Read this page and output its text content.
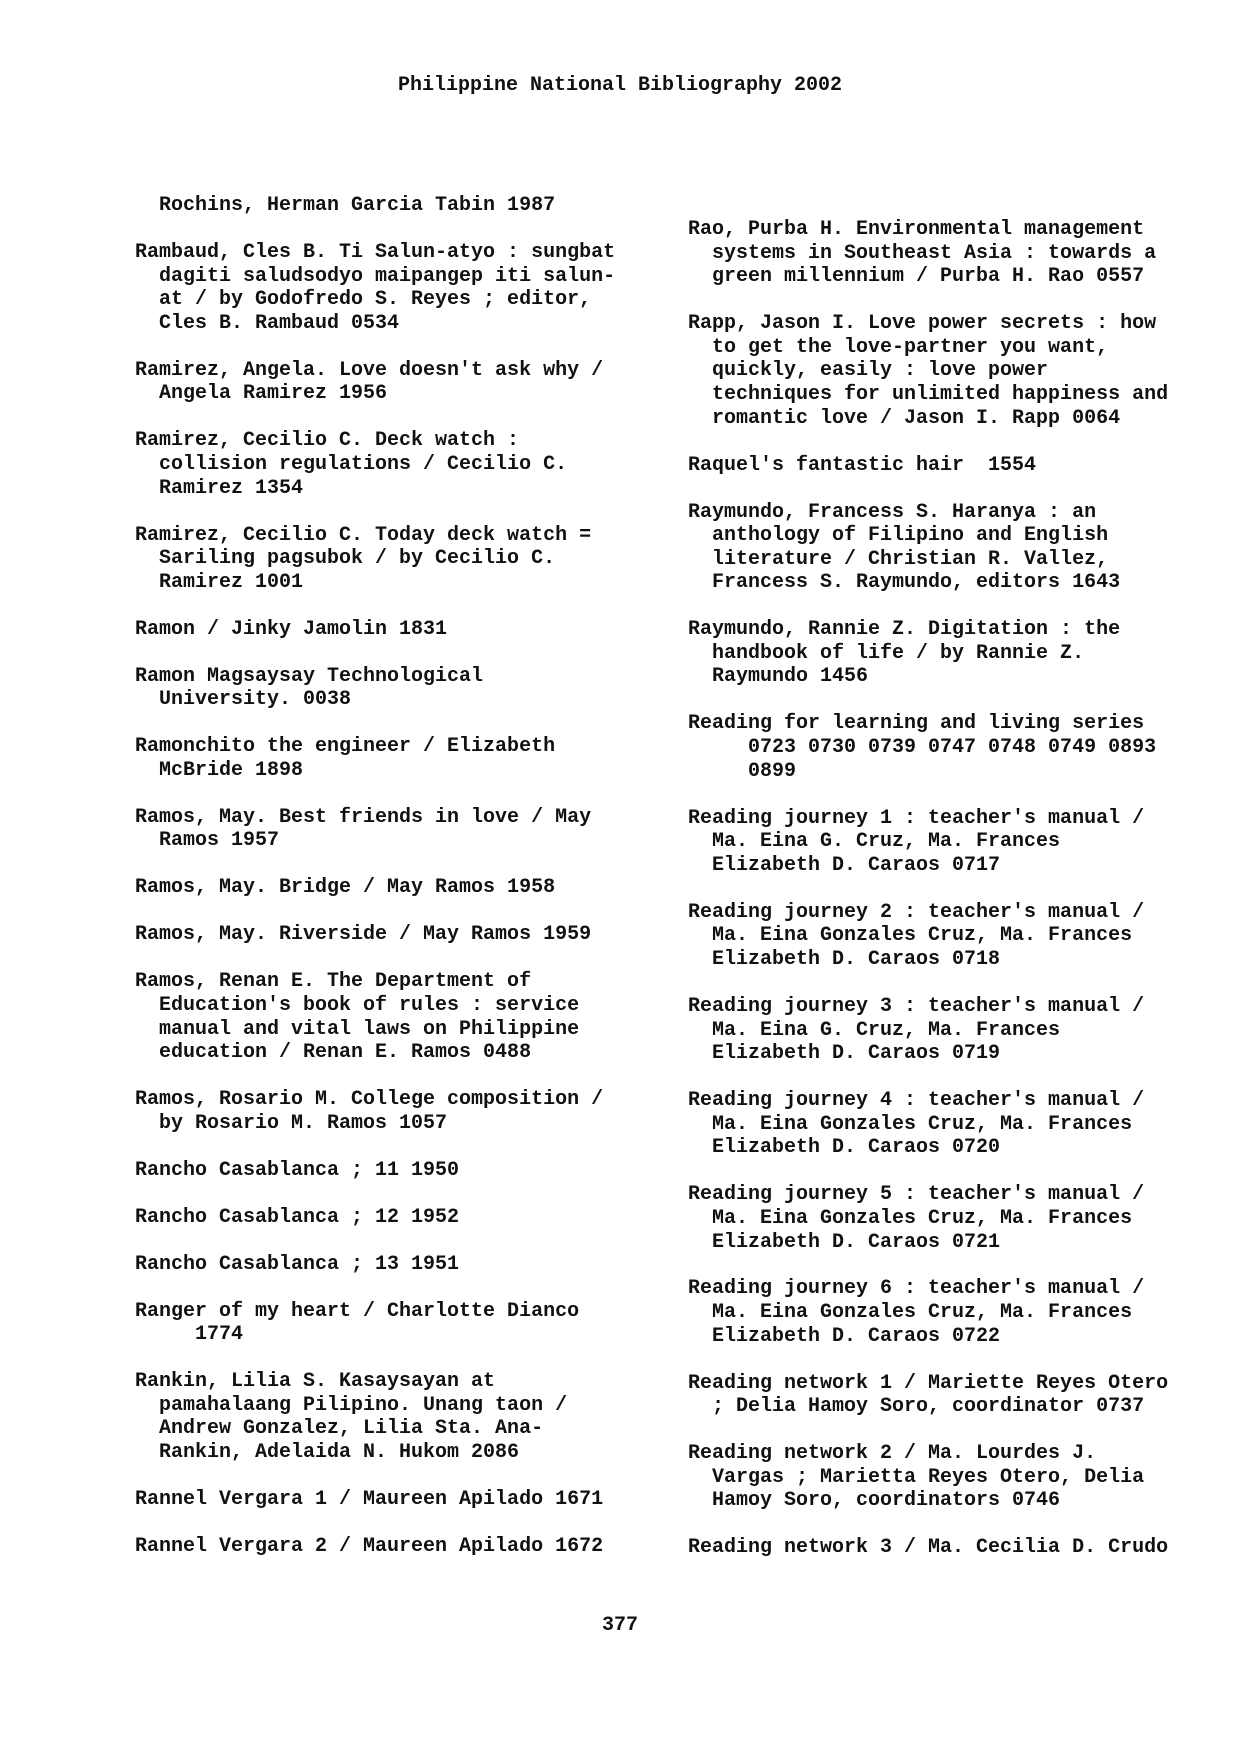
Philippine National Bibliography 2002
Rochins, Herman Garcia Tabin 1987
Rambaud, Cles B. Ti Salun-atyo : sungbat
dagiti saludsodyo maipangep iti salun-
at / by Godofredo S. Reyes ; editor,
Cles B. Rambaud 0534
Ramirez, Angela. Love doesn't ask why /
Angela Ramirez 1956
Ramirez, Cecilio C. Deck watch :
collision regulations / Cecilio C.
Ramirez 1354
Ramirez, Cecilio C. Today deck watch =
Sariling pagsubok / by Cecilio C.
Ramirez 1001
Ramon / Jinky Jamolin 1831
Ramon Magsaysay Technological
University. 0038
Ramonchito the engineer / Elizabeth
McBride 1898
Ramos, May. Best friends in love / May
Ramos 1957
Ramos, May. Bridge / May Ramos 1958
Ramos, May. Riverside / May Ramos 1959
Ramos, Renan E. The Department of
Education's book of rules : service
manual and vital laws on Philippine
education / Renan E. Ramos 0488
Ramos, Rosario M. College composition /
by Rosario M. Ramos 1057
Rancho Casablanca ; 11 1950
Rancho Casablanca ; 12 1952
Rancho Casablanca ; 13 1951
Ranger of my heart / Charlotte Dianco
1774
Rankin, Lilia S. Kasaysayan at
pamahalaang Pilipino. Unang taon /
Andrew Gonzalez, Lilia Sta. Ana-
Rankin, Adelaida N. Hukom 2086
Rannel Vergara 1 / Maureen Apilado 1671
Rannel Vergara 2 / Maureen Apilado 1672
Rao, Purba H. Environmental management
systems in Southeast Asia : towards a
green millennium / Purba H. Rao 0557
Rapp, Jason I. Love power secrets : how
to get the love-partner you want,
quickly, easily : love power
techniques for unlimited happiness and
romantic love / Jason I. Rapp 0064
Raquel's fantastic hair  1554
Raymundo, Francess S. Haranya : an
anthology of Filipino and English
literature / Christian R. Vallez,
Francess S. Raymundo, editors 1643
Raymundo, Rannie Z. Digitation : the
handbook of life / by Rannie Z.
Raymundo 1456
Reading for learning and living series
0723 0730 0739 0747 0748 0749 0893
0899
Reading journey 1 : teacher's manual /
Ma. Eina G. Cruz, Ma. Frances
Elizabeth D. Caraos 0717
Reading journey 2 : teacher's manual /
Ma. Eina Gonzales Cruz, Ma. Frances
Elizabeth D. Caraos 0718
Reading journey 3 : teacher's manual /
Ma. Eina G. Cruz, Ma. Frances
Elizabeth D. Caraos 0719
Reading journey 4 : teacher's manual /
Ma. Eina Gonzales Cruz, Ma. Frances
Elizabeth D. Caraos 0720
Reading journey 5 : teacher's manual /
Ma. Eina Gonzales Cruz, Ma. Frances
Elizabeth D. Caraos 0721
Reading journey 6 : teacher's manual /
Ma. Eina Gonzales Cruz, Ma. Frances
Elizabeth D. Caraos 0722
Reading network 1 / Mariette Reyes Otero
; Delia Hamoy Soro, coordinator 0737
Reading network 2 / Ma. Lourdes J.
Vargas ; Marietta Reyes Otero, Delia
Hamoy Soro, coordinators 0746
Reading network 3 / Ma. Cecilia D. Crudo
377
